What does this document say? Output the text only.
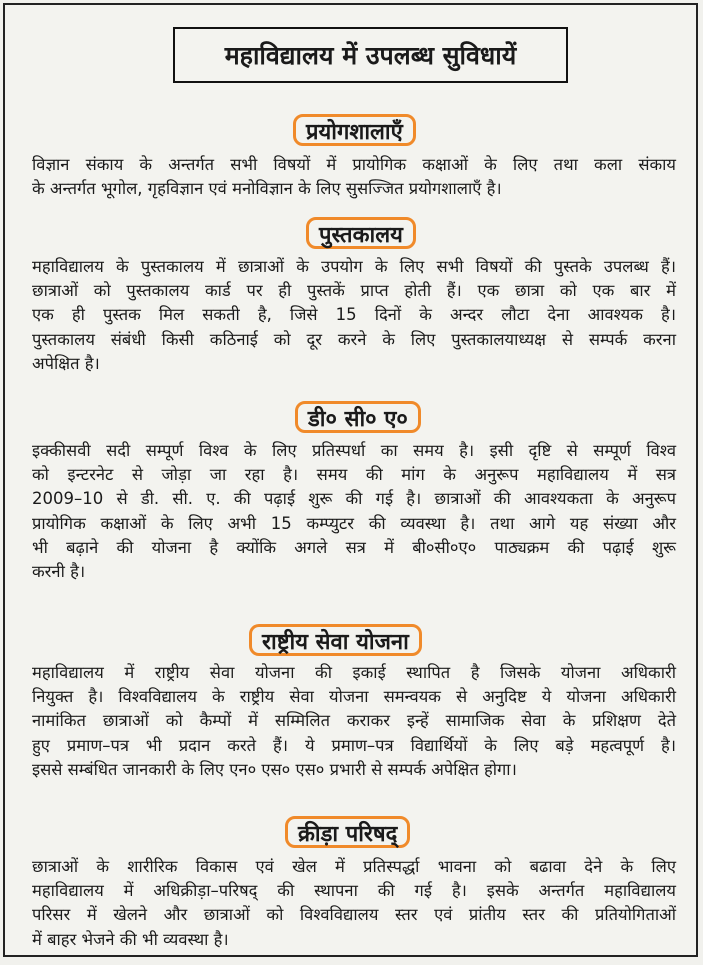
महाविद्यालय में उपलब्ध सुविधायें
प्रयोगशालाएँ
विज्ञान संकाय के अन्तर्गत सभी विषयों में प्रायोगिक कक्षाओं के लिए तथा कला संकाय
के अन्तर्गत भूगोल, गृहविज्ञान एवं मनोविज्ञान के लिए सुसज्जित प्रयोगशालाएँ है।
पुस्तकालय
महाविद्यालय के पुस्तकालय में छात्राओं के उपयोग के लिए सभी विषयों की पुस्तके उपलब्ध हैं।
छात्राओं को पुस्तकालय कार्ड पर ही पुस्तकें प्राप्त होती हैं। एक छात्रा को एक बार में
एक ही पुस्तक मिल सकती है, जिसे 15 दिनों के अन्दर लौटा देना आवश्यक है।
पुस्तकालय संबंधी किसी कठिनाई को दूर करने के लिए पुस्तकालयाध्यक्ष से सम्पर्क करना
अपेक्षित है।
डी० सी० ए०
इक्कीसवी सदी सम्पूर्ण विश्व के लिए प्रतिस्पर्धा का समय है। इसी दृष्टि से सम्पूर्ण विश्व
को इन्टरनेट से जोड़ा जा रहा है। समय की मांग के अनुरूप महाविद्यालय में सत्र
2009–10 से डी. सी. ए. की पढ़ाई शुरू की गई है। छात्राओं की आवश्यकता के अनुरूप
प्रायोगिक कक्षाओं के लिए अभी 15 कम्प्युटर की व्यवस्था है। तथा आगे यह संख्या और
भी बढ़ाने की योजना है क्योंकि अगले सत्र में बी०सी०ए० पाठ्यक्रम की पढ़ाई शुरू
करनी है।
राष्ट्रीय सेवा योजना
महाविद्यालय में राष्ट्रीय सेवा योजना की इकाई स्थापित है जिसके योजना अधिकारी
नियुक्त है। विश्वविद्यालय के राष्ट्रीय सेवा योजना समन्वयक से अनुदिष्ट ये योजना अधिकारी
नामांकित छात्राओं को कैम्पों में सम्मिलित कराकर इन्हें सामाजिक सेवा के प्रशिक्षण देते
हुए प्रमाण–पत्र भी प्रदान करते हैं। ये प्रमाण–पत्र विद्यार्थियों के लिए बड़े महत्वपूर्ण है।
इससे सम्बंधित जानकारी के लिए एन० एस० एस० प्रभारी से सम्पर्क अपेक्षित होगा।
क्रीड़ा परिषद्
छात्राओं के शारीरिक विकास एवं खेल में प्रतिस्पर्द्धा भावना को बढावा देने के लिए
महाविद्यालय में अधिक्रीड़ा–परिषद् की स्थापना की गई है। इसके अन्तर्गत महाविद्यालय
परिसर में खेलने और छात्राओं को विश्वविद्यालय स्तर एवं प्रांतीय स्तर की प्रतियोगिताओं
में बाहर भेजने की भी व्यवस्था है।
